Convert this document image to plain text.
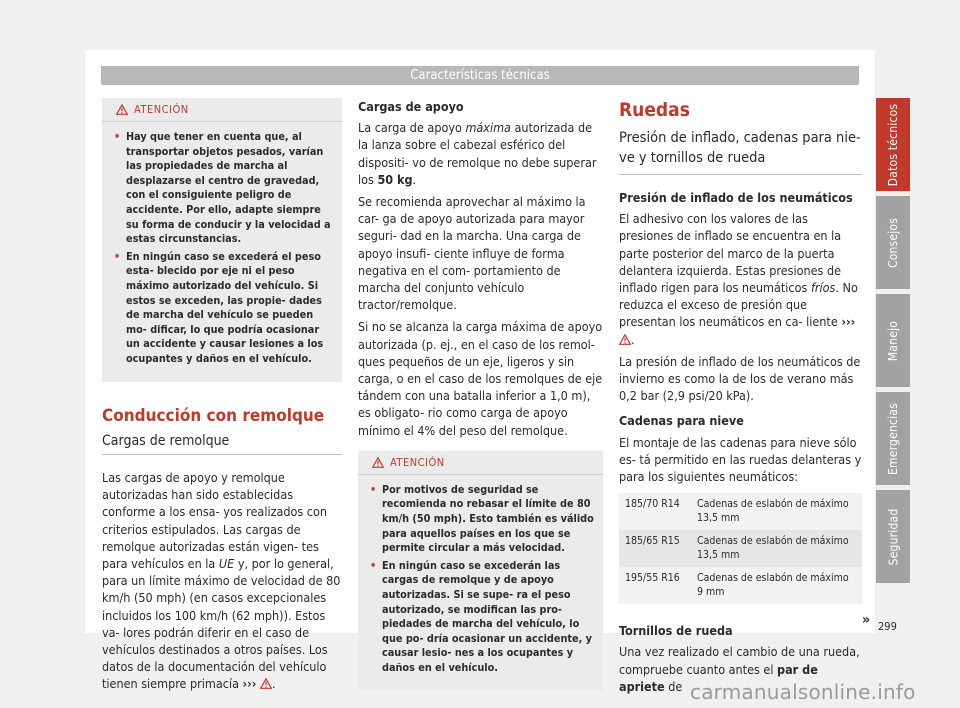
Características técnicas
Datos técnicos
Consejos
Manejo
Emergencias
Seguridad
ATENCIÓN
• Hay que tener en cuenta que, al transportar objetos pesados, varían las propiedades de marcha al desplazarse el centro de gravedad, con el consiguiente peligro de accidente. Por ello, adapte siempre su forma de conducir y la velocidad a estas circunstancias.
• En ningún caso se excederá el peso esta- blecido por eje ni el peso máximo autorizado del vehículo. Si estos se exceden, las propie- dades de marcha del vehículo se pueden mo- dificar, lo que podría ocasionar un accidente y causar lesiones a los ocupantes y daños en el vehículo.
Conducción con remolque
Cargas de remolque

Las cargas de apoyo y remolque autorizadas han sido establecidas conforme a los ensa- yos realizados con criterios estipulados. Las cargas de remolque autorizadas están vigen- tes para vehículos en la UE y, por lo general, para un límite máximo de velocidad de 80 km/h (50 mph) (en casos excepcionales incluidos los 100 km/h (62 mph)). Estos va- lores podrán diferir en el caso de vehículos destinados a otros países. Los datos de la documentación del vehículo tienen siempre primacía ››› .

Cargas de apoyo

La carga de apoyo máxima autorizada de la lanza sobre el cabezal esférico del dispositi- vo de remolque no debe superar los 50 kg.

Se recomienda aprovechar al máximo la car- ga de apoyo autorizada para mayor seguri- dad en la marcha. Una carga de apoyo insufi- ciente influye de forma negativa en el com- portamiento de marcha del conjunto vehículo tractor/remolque.

Si no se alcanza la carga máxima de apoyo autorizada (p. ej., en el caso de los remol- ques pequeños de un eje, ligeros y sin carga, o en el caso de los remolques de eje tándem con una batalla inferior a 1,0 m), es obligato- rio como carga de apoyo mínimo el 4% del peso del remolque.

ATENCIÓN
• Por motivos de seguridad se recomienda no rebasar el límite de 80 km/h (50 mph). Esto también es válido para aquellos países en los que se permite circular a más velocidad.
• En ningún caso se excederán las cargas de remolque y de apoyo autorizadas. Si se supe- ra el peso autorizado, se modifican las pro- piedades de marcha del vehículo, lo que po- dría ocasionar un accidente, y causar lesio- nes a los ocupantes y daños en el vehículo.
Ruedas
Presión de inflado, cadenas para nie- ve y tornillos de rueda
Presión de inflado de los neumáticos

El adhesivo con los valores de las presiones de inflado se encuentra en la parte posterior del marco de la puerta delantera izquierda. Estas presiones de inflado rigen para los neumáticos fríos. No reduzca el exceso de presión que presentan los neumáticos en ca- liente ››› .

La presión de inflado de los neumáticos de invierno es como la de los de verano más 0,2 bar (2,9 psi/20 kPa).

Cadenas para nieve

El montaje de las cadenas para nieve sólo es- tá permitido en las ruedas delanteras y para los siguientes neumáticos:

185/70 R14	Cadenas de eslabón de máximo 13,5 mm
185/65 R15	Cadenas de eslabón de máximo 13,5 mm
195/55 R16	Cadenas de eslabón de máximo 9 mm
Tornillos de rueda

Una vez realizado el cambio de una rueda, compruebe cuanto antes el par de apriete de

» 299
carmanualsonline.info
